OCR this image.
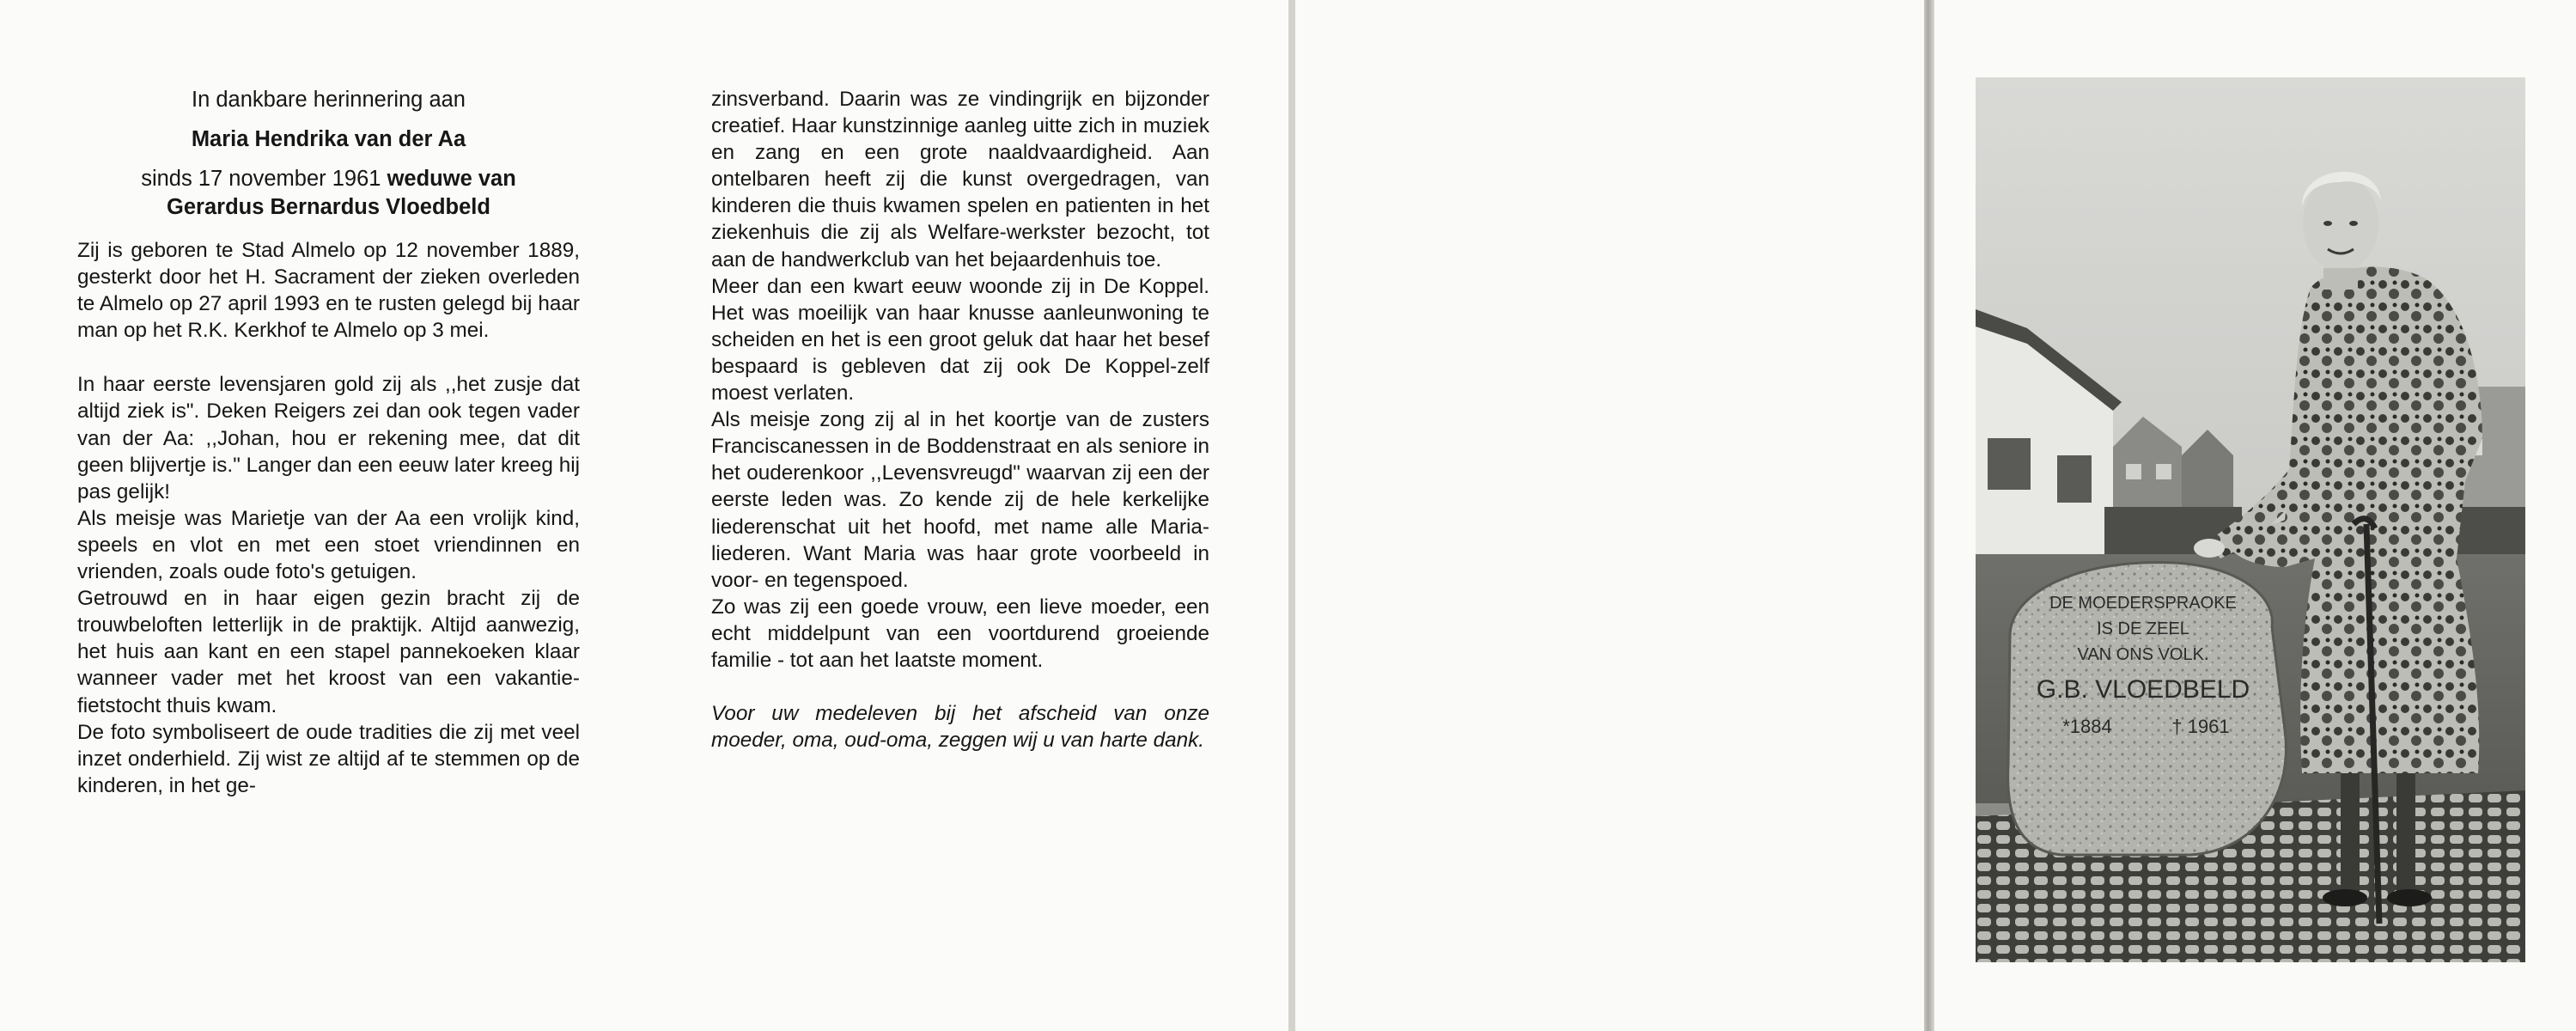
In dankbare herinnering aan

Maria Hendrika van der Aa

sinds 17 november 1961 weduwe van

Gerardus Bernardus Vloedbeld

Zij is geboren te Stad Almelo op 12 november 1889, gesterkt door het H. Sacrament der zieken overleden te Almelo op 27 april 1993 en te rusten gelegd bij haar man op het R.K. Kerkhof te Almelo op 3 mei.

In haar eerste levensjaren gold zij als ,,het zusje dat altijd ziek is". Deken Reigers zei dan ook tegen vader van der Aa: ,,Johan, hou er rekening mee, dat dit geen blijvertje is." Langer dan een eeuw later kreeg hij pas gelijk!

Als meisje was Marietje van der Aa een vrolijk kind, speels en vlot en met een stoet vriendinnen en vrienden, zoals oude foto's getuigen.

Getrouwd en in haar eigen gezin bracht zij de trouwbeloften letterlijk in de praktijk. Altijd aanwezig, het huis aan kant en een stapel pannekoeken klaar wanneer vader met het kroost van een vakantie-fietstocht thuis kwam.

De foto symboliseert de oude tradities die zij met veel inzet onderhield. Zij wist ze altijd af te stemmen op de kinderen, in het ge-

zinsverband. Daarin was ze vindingrijk en bijzonder creatief. Haar kunstzinnige aanleg uitte zich in muziek en zang en een grote naaldvaardigheid. Aan ontelbaren heeft zij die kunst overgedragen, van kinderen die thuis kwamen spelen en patienten in het ziekenhuis die zij als Welfare-werkster bezocht, tot aan de handwerkclub van het bejaardenhuis toe.

Meer dan een kwart eeuw woonde zij in De Koppel. Het was moeilijk van haar knusse aanleunwoning te scheiden en het is een groot geluk dat haar het besef bespaard is gebleven dat zij ook De Koppel-zelf moest verlaten.

Als meisje zong zij al in het koortje van de zusters Franciscanessen in de Boddenstraat en als seniore in het ouderenkoor ,,Levensvreugd" waarvan zij een der eerste leden was. Zo kende zij de hele kerkelijke liederenschat uit het hoofd, met name alle Marialiederen. Want Maria was haar grote voorbeeld in voor- en tegenspoed.

Zo was zij een goede vrouw, een lieve moeder, een echt middelpunt van een voortdurend groeiende familie - tot aan het laatste moment.

Voor uw medeleven bij het afscheid van onze moeder, oma, oud-oma, zeggen wij u van harte dank.

DE MOEDERSPRAOKE
IS DE ZEEL
VAN ONS VOLK.
G.B. VLOEDBELD
*1884	† 1961
